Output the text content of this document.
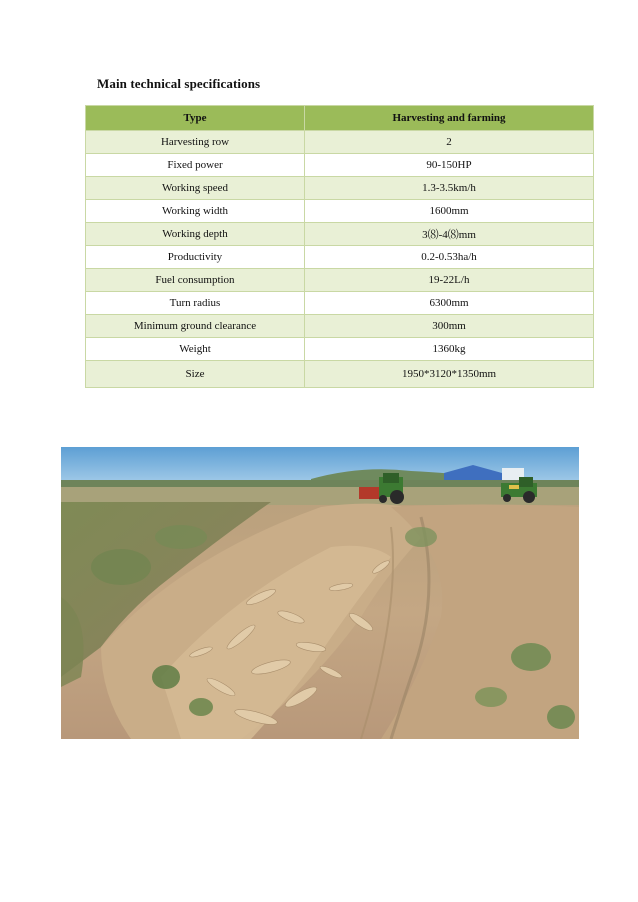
Main technical specifications
Type	Harvesting and farming
Harvesting row	2
Fixed power	90-150HP
Working speed	1.3-3.5km/h
Working width	1600mm
Working depth	3⑻-4⑻mm
Productivity	0.2-0.53ha/h
Fuel consumption	19-22L/h
Turn radius	6300mm
Minimum ground clearance	300mm
Weight	1360kg
Size	1950*3120*1350mm
